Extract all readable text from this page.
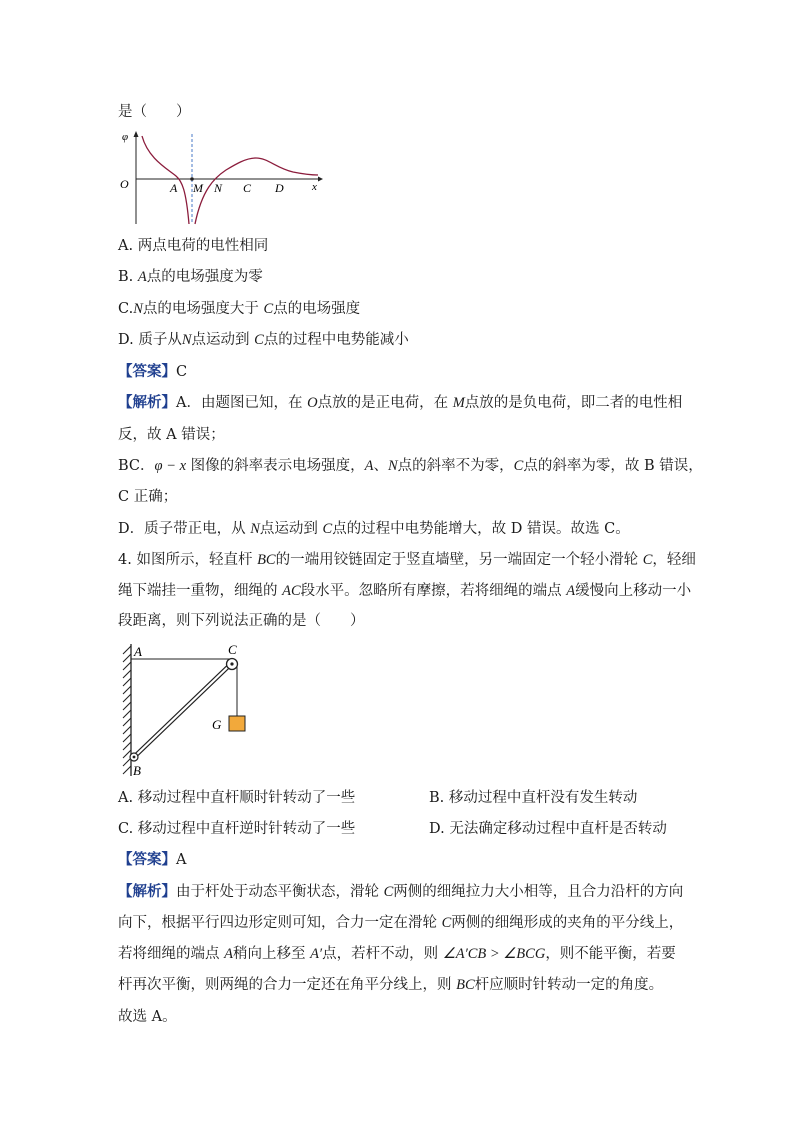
是（　　）
φ
O	x
A M N C D
A. 两点电荷的电性相同
B. A点的电场强度为零
C.N点的电场强度大于 C点的电场强度
D. 质子从N点运动到 C点的过程中电势能减小
【答案】C
【解析】A．由题图已知，在 O点放的是正电荷，在 M点放的是负电荷，即二者的电性相
反，故 A 错误；
BC．φ − x 图像的斜率表示电场强度，A、N点的斜率不为零，C点的斜率为零，故 B 错误，
C 正确；
D．质子带正电，从 N点运动到 C点的过程中电势能增大，故 D 错误。故选 C。
4. 如图所示，轻直杆 BC的一端用铰链固定于竖直墙壁，另一端固定一个轻小滑轮 C，轻细
绳下端挂一重物，细绳的 AC段水平。忽略所有摩擦，若将细绳的端点 A缓慢向上移动一小
段距离，则下列说法正确的是（　　）
A	C
G
B
A. 移动过程中直杆顺时针转动了一些	B. 移动过程中直杆没有发生转动
C. 移动过程中直杆逆时针转动了一些	D. 无法确定移动过程中直杆是否转动
【答案】A
【解析】由于杆处于动态平衡状态，滑轮 C两侧的细绳拉力大小相等，且合力沿杆的方向
向下，根据平行四边形定则可知，合力一定在滑轮 C两侧的细绳形成的夹角的平分线上，
若将细绳的端点 A稍向上移至 A′点，若杆不动，则 ∠A′CB > ∠BCG，则不能平衡，若要
杆再次平衡，则两绳的合力一定还在角平分线上，则 BC杆应顺时针转动一定的角度。
故选 A。
